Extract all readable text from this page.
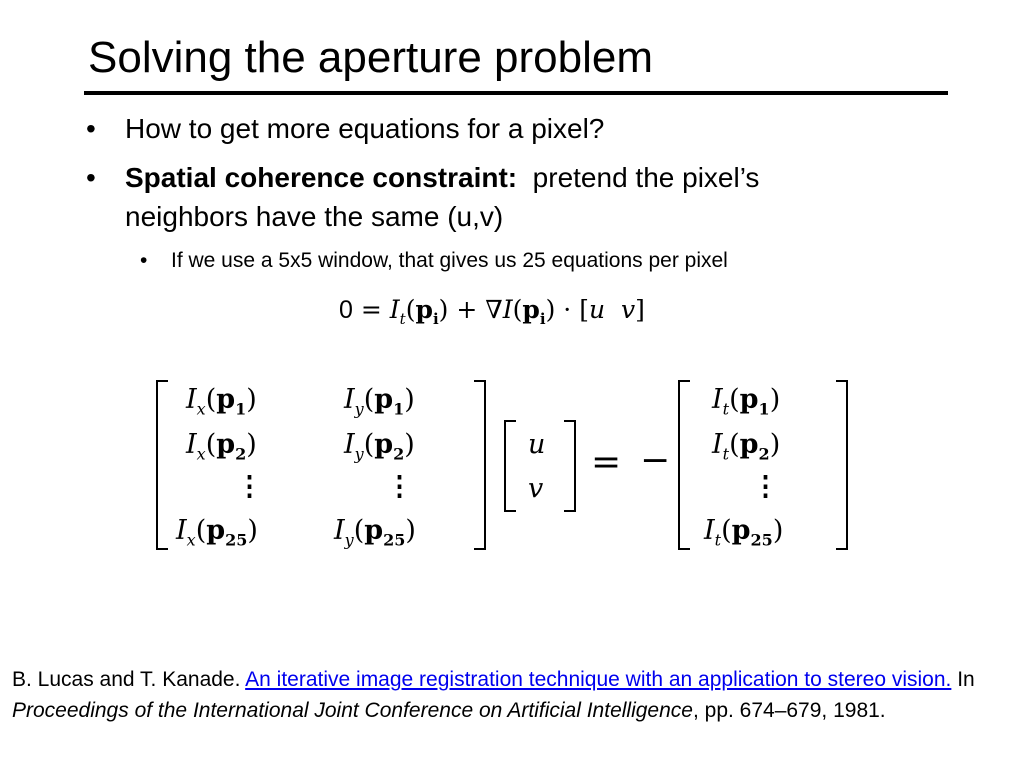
Solving the aperture problem
• How to get more equations for a pixel?
• Spatial coherence constraint: pretend the pixel’s
neighbors have the same (u,v)
• If we use a 5x5 window, that gives us 25 equations per pixel
$0 = I_t(p_i) + \nabla I(p_i) \cdot [u$ v]
$I_x(p_1)$	$I_y(p_1)$
$I_x(p_2)$	$I_y(p_2)$
⋮	⋮
$I_x(p_{25})$	$I_y(p_{25})$
u
v
= −
$I_t(p_1)$
$I_t(p_2)$
⋮
$I_t(p_{25})$
B. Lucas and T. Kanade. An iterative image registration technique with an application to stereo vision. In Proceedings of the International Joint Conference on Artificial Intelligence, pp. 674–679, 1981.
